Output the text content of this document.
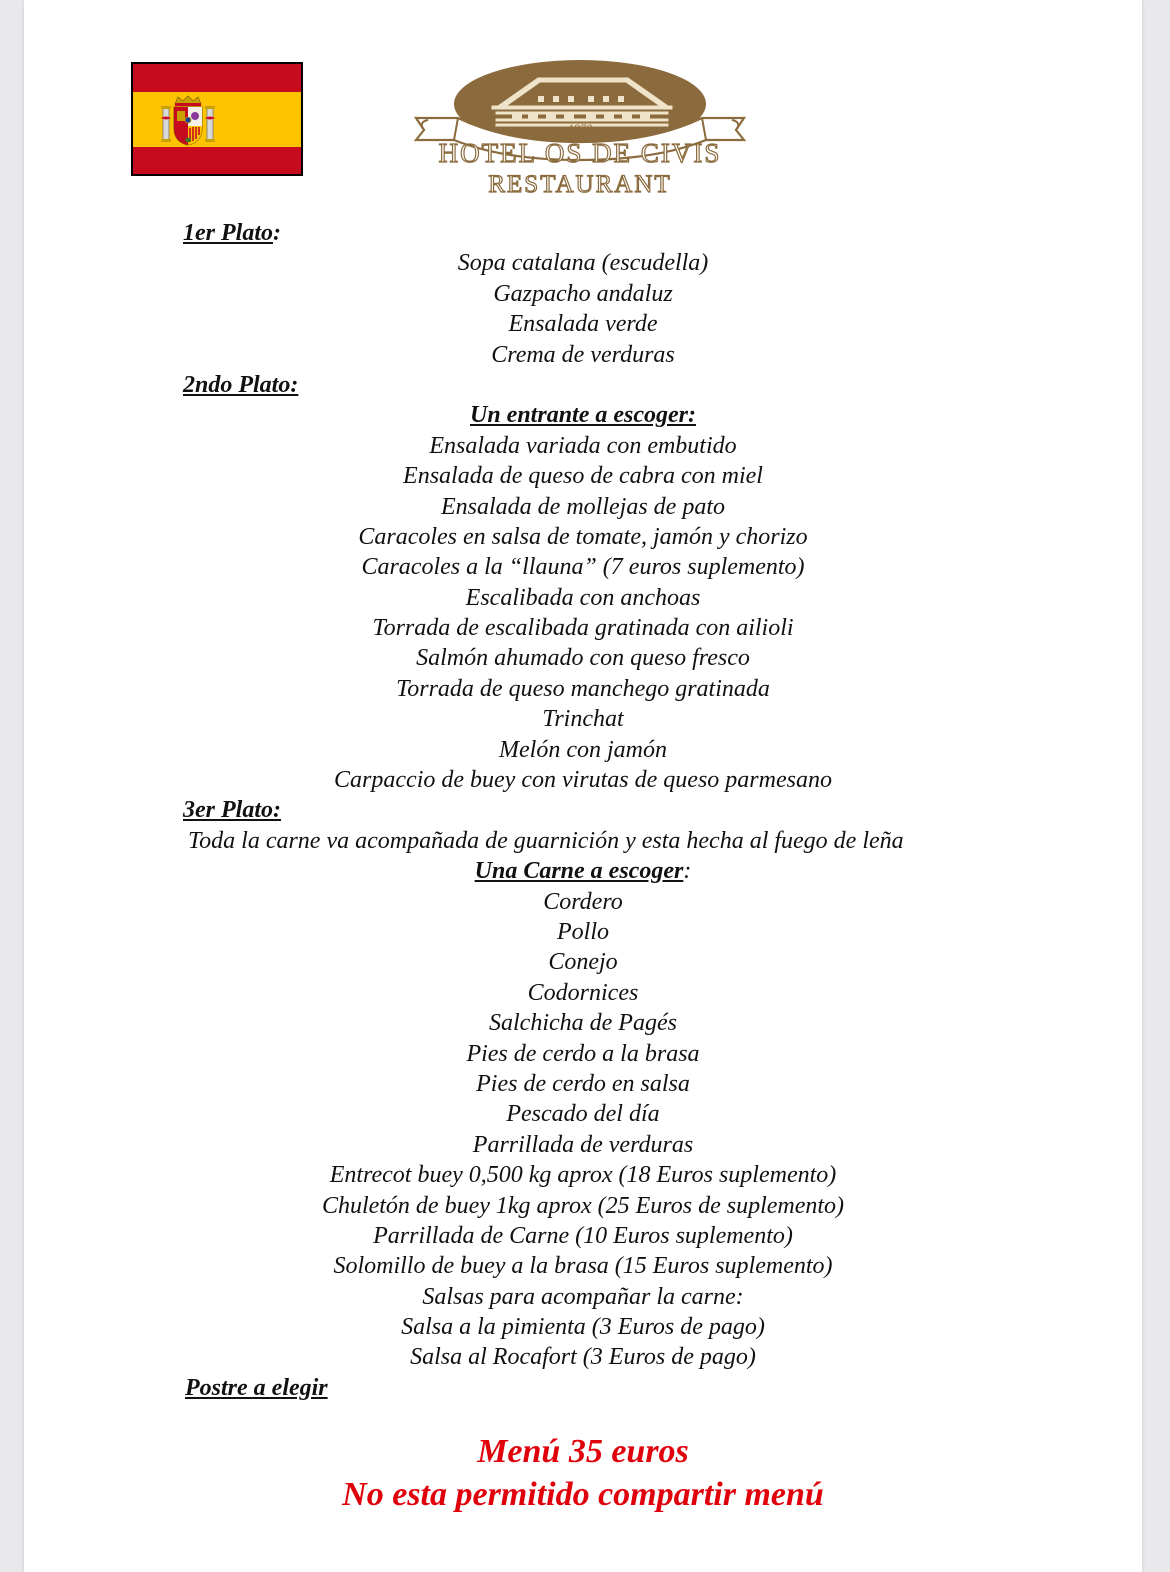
-1970-
HOTEL OS DE CIVIS
RESTAURANT

1er Plato:

Sopa catalana (escudella)

Gazpacho andaluz

Ensalada verde

Crema de verduras

2ndo Plato:

Un entrante a escoger:

Ensalada variada con embutido

Ensalada de queso de cabra con miel

Ensalada de mollejas de pato

Caracoles en salsa de tomate, jamón y chorizo

Caracoles a la “llauna” (7 euros suplemento)

Escalibada con anchoas

Torrada de escalibada gratinada con ailioli

Salmón ahumado con queso fresco

Torrada de queso manchego gratinada

Trinchat

Melón con jamón

Carpaccio de buey con virutas de queso parmesano

3er Plato:

Toda la carne va acompañada de guarnición y esta hecha al fuego de leña

Una Carne a escoger:

Cordero

Pollo

Conejo

Codornices

Salchicha de Pagés

Pies de cerdo a la brasa

Pies de cerdo en salsa

Pescado del día

Parrillada de verduras

Entrecot buey 0,500 kg aprox (18 Euros suplemento)

Chuletón de buey 1kg aprox (25 Euros de suplemento)

Parrillada de Carne (10 Euros suplemento)

Solomillo de buey a la brasa (15 Euros suplemento)

Salsas para acompañar la carne:

Salsa a la pimienta (3 Euros de pago)

Salsa al Rocafort (3 Euros de pago)

Postre a elegir

Menú 35 euros
No esta permitido compartir menú
